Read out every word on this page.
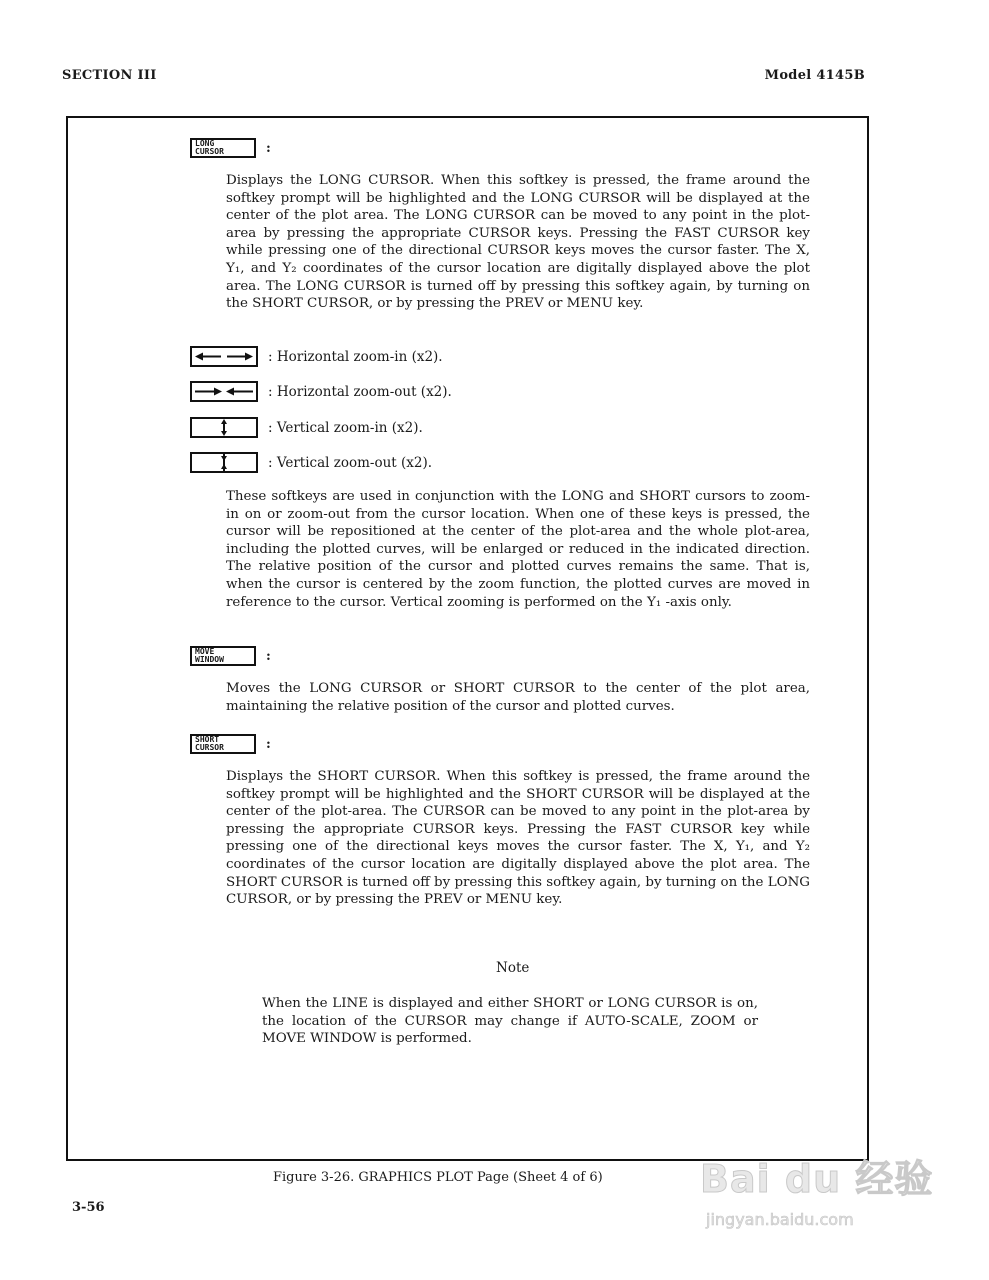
SECTION III	Model 4145B
LONG
CURSOR	:

Displays the LONG CURSOR. When this softkey is pressed, the frame around the softkey prompt will be highlighted and the LONG CURSOR will be displayed at the center of the plot area. The LONG CURSOR can be moved to any point in the plot-area by pressing the appropriate CURSOR keys. Pressing the FAST CURSOR key while pressing one of the directional CURSOR keys moves the cursor faster. The X, Y₁, and Y₂ coordinates of the cursor location are digitally displayed above the plot area. The LONG CURSOR is turned off by pressing this softkey again, by turning on the SHORT CURSOR, or by pressing the PREV or MENU key.

: Horizontal zoom-in (x2).
: Horizontal zoom-out (x2).
: Vertical zoom-in (x2).
: Vertical zoom-out (x2).

These softkeys are used in conjunction with the LONG and SHORT cursors to zoom-in on or zoom-out from the cursor location. When one of these keys is pressed, the cursor will be repositioned at the center of the plot-area and the whole plot-area, including the plotted curves, will be enlarged or reduced in the indicated direction. The relative position of the cursor and plotted curves remains the same. That is, when the cursor is centered by the zoom function, the plotted curves are moved in reference to the cursor. Vertical zooming is performed on the Y₁ -axis only.

MOVE
WINDOW	:

Moves the LONG CURSOR or SHORT CURSOR to the center of the plot area, maintaining the relative position of the cursor and plotted curves.

SHORT
CURSOR	:

Displays the SHORT CURSOR. When this softkey is pressed, the frame around the softkey prompt will be highlighted and the SHORT CURSOR will be displayed at the center of the plot-area. The CURSOR can be moved to any point in the plot-area by pressing the appropriate CURSOR keys. Pressing the FAST CURSOR key while pressing one of the directional keys moves the cursor faster. The X, Y₁, and Y₂ coordinates of the cursor location are digitally displayed above the plot area. The SHORT CURSOR is turned off by pressing this softkey again, by turning on the LONG CURSOR, or by pressing the PREV or MENU key.

Note

When the LINE is displayed and either SHORT or LONG CURSOR is on, the location of the CURSOR may change if AUTO-SCALE, ZOOM or MOVE WINDOW is performed.

Figure 3-26. GRAPHICS PLOT Page (Sheet 4 of 6)
3-56
Bai du 经验
jingyan.baidu.com
